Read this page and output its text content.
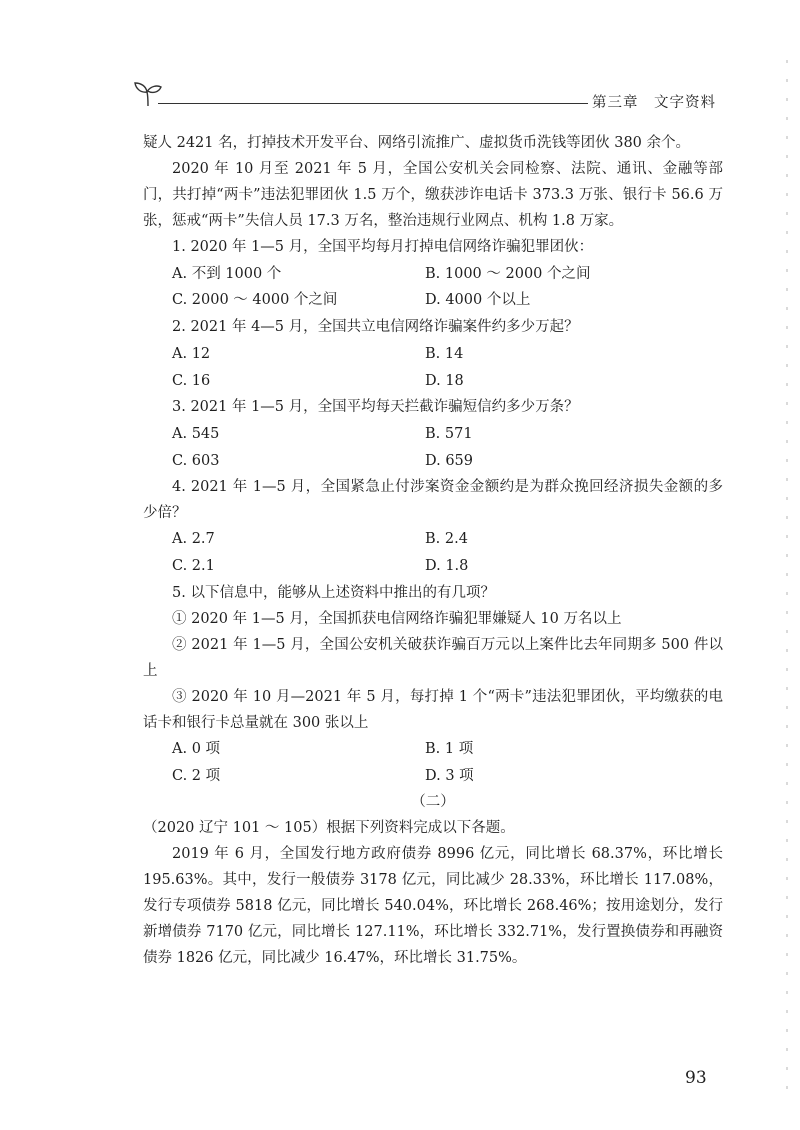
第三章　文字资料

疑人 2421 名，打掉技术开发平台、网络引流推广、虚拟货币洗钱等团伙 380 余个。

2020 年 10 月至 2021 年 5 月，全国公安机关会同检察、法院、通讯、金融等部门，共打掉“两卡”违法犯罪团伙 1.5 万个，缴获涉诈电话卡 373.3 万张、银行卡 56.6 万张，惩戒“两卡”失信人员 17.3 万名，整治违规行业网点、机构 1.8 万家。

1. 2020 年 1—5 月，全国平均每月打掉电信网络诈骗犯罪团伙：

A. 不到 1000 个	B. 1000 ～ 2000 个之间
C. 2000 ～ 4000 个之间	D. 4000 个以上

2. 2021 年 4—5 月，全国共立电信网络诈骗案件约多少万起？

A. 12	B. 14
C. 16	D. 18

3. 2021 年 1—5 月，全国平均每天拦截诈骗短信约多少万条？

A. 545	B. 571
C. 603	D. 659

4. 2021 年 1—5 月，全国紧急止付涉案资金金额约是为群众挽回经济损失金额的多少倍？

A. 2.7	B. 2.4
C. 2.1	D. 1.8

5. 以下信息中，能够从上述资料中推出的有几项？

① 2020 年 1—5 月，全国抓获电信网络诈骗犯罪嫌疑人 10 万名以上

② 2021 年 1—5 月，全国公安机关破获诈骗百万元以上案件比去年同期多 500 件以上

③ 2020 年 10 月—2021 年 5 月，每打掉 1 个“两卡”违法犯罪团伙，平均缴获的电话卡和银行卡总量就在 300 张以上

A. 0 项	B. 1 项
C. 2 项	D. 3 项

（二）

（2020 辽宁 101 ～ 105）根据下列资料完成以下各题。

2019 年 6 月，全国发行地方政府债券 8996 亿元，同比增长 68.37%，环比增长 195.63%。其中，发行一般债券 3178 亿元，同比减少 28.33%，环比增长 117.08%，发行专项债券 5818 亿元，同比增长 540.04%，环比增长 268.46%；按用途划分，发行新增债券 7170 亿元，同比增长 127.11%，环比增长 332.71%，发行置换债券和再融资债券 1826 亿元，同比减少 16.47%，环比增长 31.75%。

93
